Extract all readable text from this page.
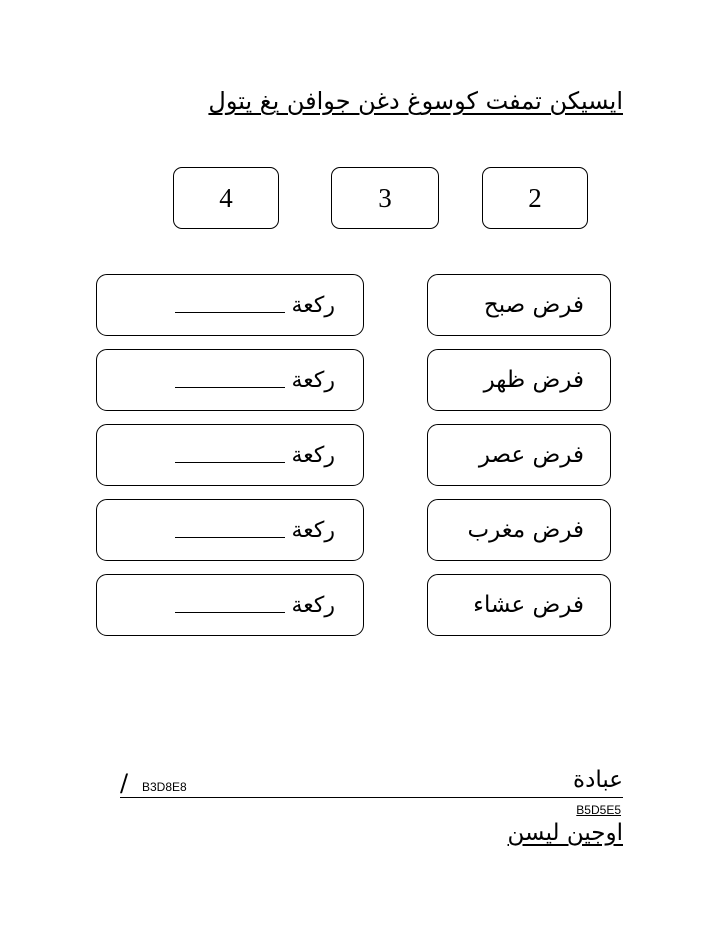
ايسيکن تمفت کوسوغ دغن جوافن يغ يتول
4	3	2
ركعة	فرض صبح
ركعة	فرض ظهر
ركعة	فرض عصر
ركعة	فرض مغرب
ركعة	فرض عشاء
عبادة
/ B3D8E8
B5D5E5
اوجين ليسن
